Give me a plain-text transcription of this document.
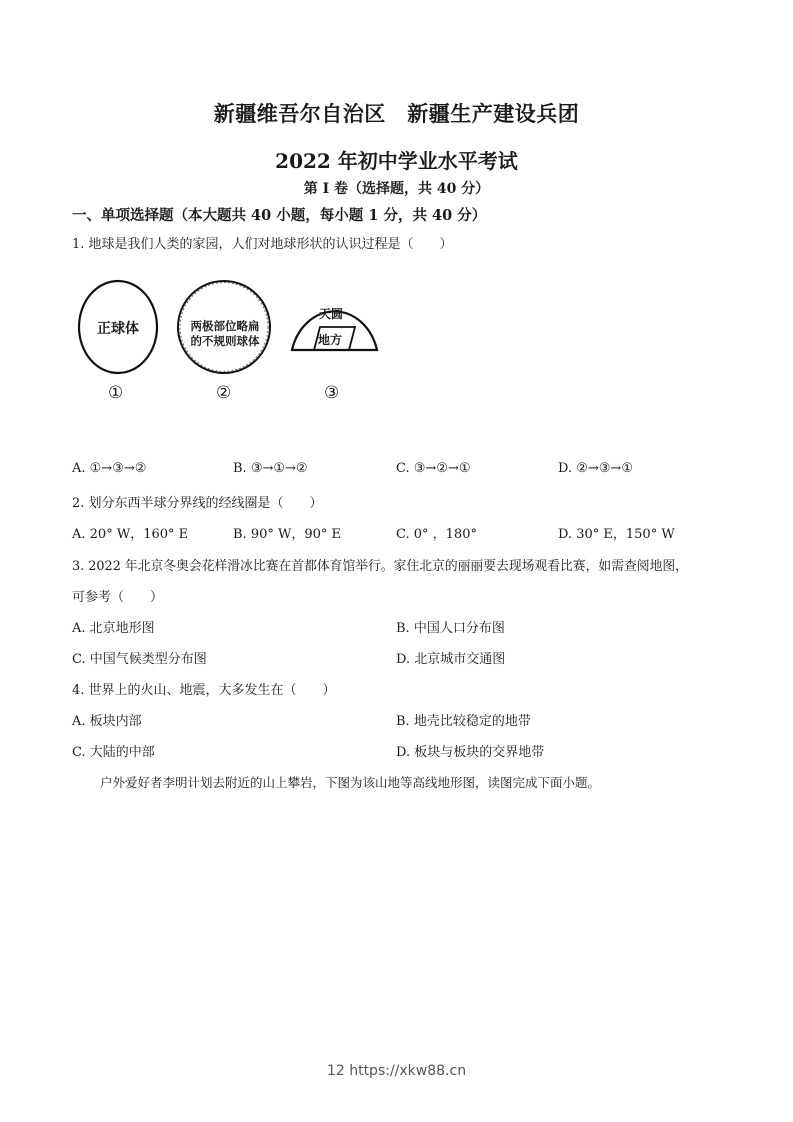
新疆维吾尔自治区　新疆生产建设兵团
2022 年初中学业水平考试
第 I 卷（选择题，共 40 分）
一、单项选择题（本大题共 40 小题，每小题 1 分，共 40 分）
1. 地球是我们人类的家园，人们对地球形状的认识过程是（　　）
正球体	两极部位略扁
的不规则球体
天圆
地方
①	②	③
A. ①→③→②	B. ③→①→②	C. ③→②→①	D. ②→③→①
2. 划分东西半球分界线的经线圈是（　　）
A. 20° W，160° E	B. 90° W，90° E	C. 0° ，180°	D. 30° E，150° W
3. 2022 年北京冬奥会花样滑冰比赛在首都体育馆举行。家住北京的丽丽要去现场观看比赛，如需查阅地图，
可参考（　　）
A. 北京地形图	B. 中国人口分布图
C. 中国气候类型分布图	D. 北京城市交通图
4. 世界上的火山、地震，大多发生在（　　）
A. 板块内部	B. 地壳比较稳定的地带
C. 大陆的中部	D. 板块与板块的交界地带
户外爱好者李明计划去附近的山上攀岩，下图为该山地等高线地形图，读图完成下面小题。
12 https://xkw88.cn
